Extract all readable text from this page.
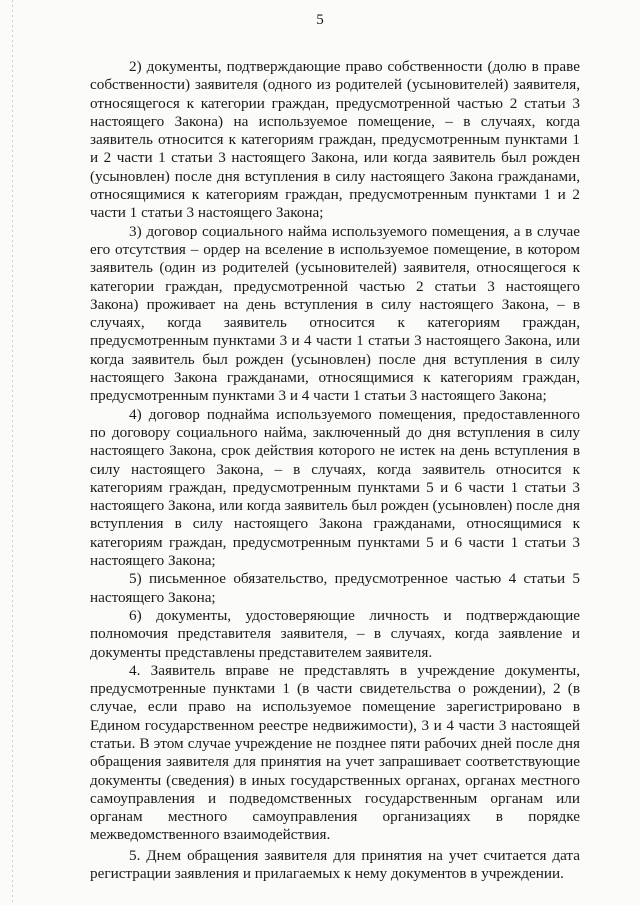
5

2) документы, подтверждающие право собственности (долю в праве собственности) заявителя (одного из родителей (усыновителей) заявителя, относящегося к категории граждан, предусмотренной частью 2 статьи 3 настоящего Закона) на используемое помещение, – в случаях, когда заявитель относится к категориям граждан, предусмотренным пунктами 1 и 2 части 1 статьи 3 настоящего Закона, или когда заявитель был рожден (усыновлен) после дня вступления в силу настоящего Закона гражданами, относящимися к категориям граждан, предусмотренным пунктами 1 и 2 части 1 статьи 3 настоящего Закона;

3) договор социального найма используемого помещения, а в случае его отсутствия – ордер на вселение в используемое помещение, в котором заявитель (один из родителей (усыновителей) заявителя, относящегося к категории граждан, предусмотренной частью 2 статьи 3 настоящего Закона) проживает на день вступления в силу настоящего Закона, – в случаях, когда заявитель относится к категориям граждан, предусмотренным пунктами 3 и 4 части 1 статьи 3 настоящего Закона, или когда заявитель был рожден (усыновлен) после дня вступления в силу настоящего Закона гражданами, относящимися к категориям граждан, предусмотренным пунктами 3 и 4 части 1 статьи 3 настоящего Закона;

4) договор поднайма используемого помещения, предоставленного по договору социального найма, заключенный до дня вступления в силу настоящего Закона, срок действия которого не истек на день вступления в силу настоящего Закона, – в случаях, когда заявитель относится к категориям граждан, предусмотренным пунктами 5 и 6 части 1 статьи 3 настоящего Закона, или когда заявитель был рожден (усыновлен) после дня вступления в силу настоящего Закона гражданами, относящимися к категориям граждан, предусмотренным пунктами 5 и 6 части 1 статьи 3 настоящего Закона;

5) письменное обязательство, предусмотренное частью 4 статьи 5 настоящего Закона;

6) документы, удостоверяющие личность и подтверждающие полномочия представителя заявителя, – в случаях, когда заявление и документы представлены представителем заявителя.

4. Заявитель вправе не представлять в учреждение документы, предусмотренные пунктами 1 (в части свидетельства о рождении), 2 (в случае, если право на используемое помещение зарегистрировано в Едином государственном реестре недвижимости), 3 и 4 части 3 настоящей статьи. В этом случае учреждение не позднее пяти рабочих дней после дня обращения заявителя для принятия на учет запрашивает соответствующие документы (сведения) в иных государственных органах, органах местного самоуправления и подведомственных государственным органам или органам местного самоуправления организациях в порядке межведомственного взаимодействия.

5. Днем обращения заявителя для принятия на учет считается дата регистрации заявления и прилагаемых к нему документов в учреждении.
